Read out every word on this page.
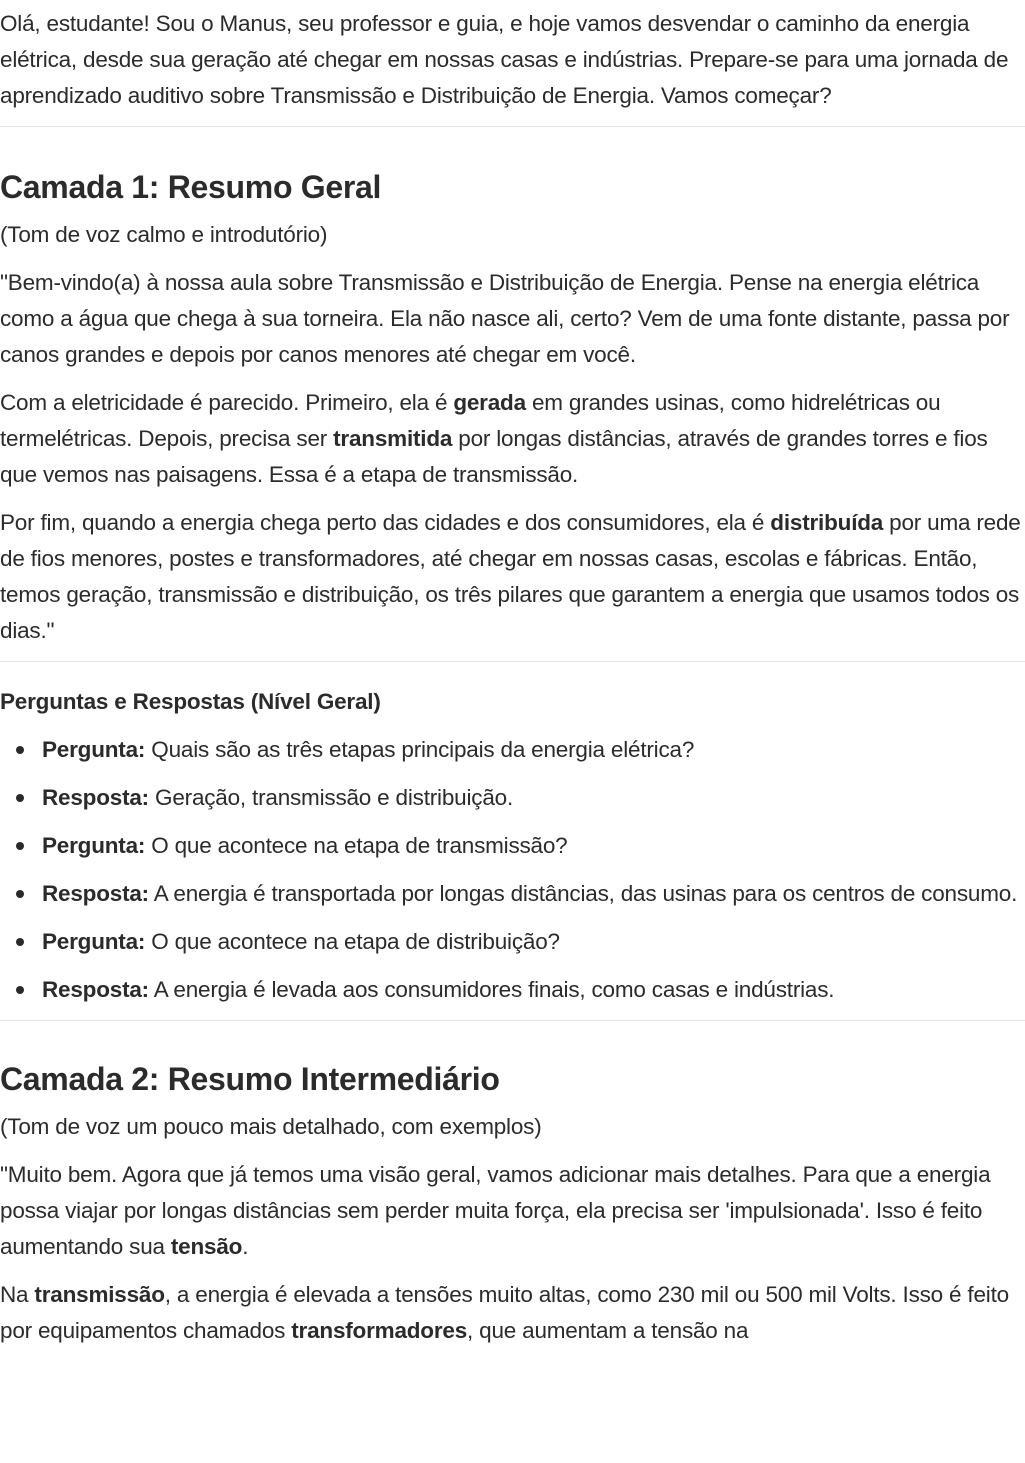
Olá, estudante! Sou o Manus, seu professor e guia, e hoje vamos desvendar o caminho da energia elétrica, desde sua geração até chegar em nossas casas e indústrias. Prepare-se para uma jornada de aprendizado auditivo sobre Transmissão e Distribuição de Energia. Vamos começar?

Camada 1: Resumo Geral

(Tom de voz calmo e introdutório)

"Bem-vindo(a) à nossa aula sobre Transmissão e Distribuição de Energia. Pense na energia elétrica como a água que chega à sua torneira. Ela não nasce ali, certo? Vem de uma fonte distante, passa por canos grandes e depois por canos menores até chegar em você.

Com a eletricidade é parecido. Primeiro, ela é gerada em grandes usinas, como hidrelétricas ou termelétricas. Depois, precisa ser transmitida por longas distâncias, através de grandes torres e fios que vemos nas paisagens. Essa é a etapa de transmissão.

Por fim, quando a energia chega perto das cidades e dos consumidores, ela é distribuída por uma rede de fios menores, postes e transformadores, até chegar em nossas casas, escolas e fábricas. Então, temos geração, transmissão e distribuição, os três pilares que garantem a energia que usamos todos os dias."

Perguntas e Respostas (Nível Geral)
Pergunta: Quais são as três etapas principais da energia elétrica?
Resposta: Geração, transmissão e distribuição.
Pergunta: O que acontece na etapa de transmissão?
Resposta: A energia é transportada por longas distâncias, das usinas para os centros de consumo.
Pergunta: O que acontece na etapa de distribuição?
Resposta: A energia é levada aos consumidores finais, como casas e indústrias.
Camada 2: Resumo Intermediário

(Tom de voz um pouco mais detalhado, com exemplos)

"Muito bem. Agora que já temos uma visão geral, vamos adicionar mais detalhes. Para que a energia possa viajar por longas distâncias sem perder muita força, ela precisa ser 'impulsionada'. Isso é feito aumentando sua tensão.

Na transmissão, a energia é elevada a tensões muito altas, como 230 mil ou 500 mil Volts. Isso é feito por equipamentos chamados transformadores, que aumentam a tensão na
